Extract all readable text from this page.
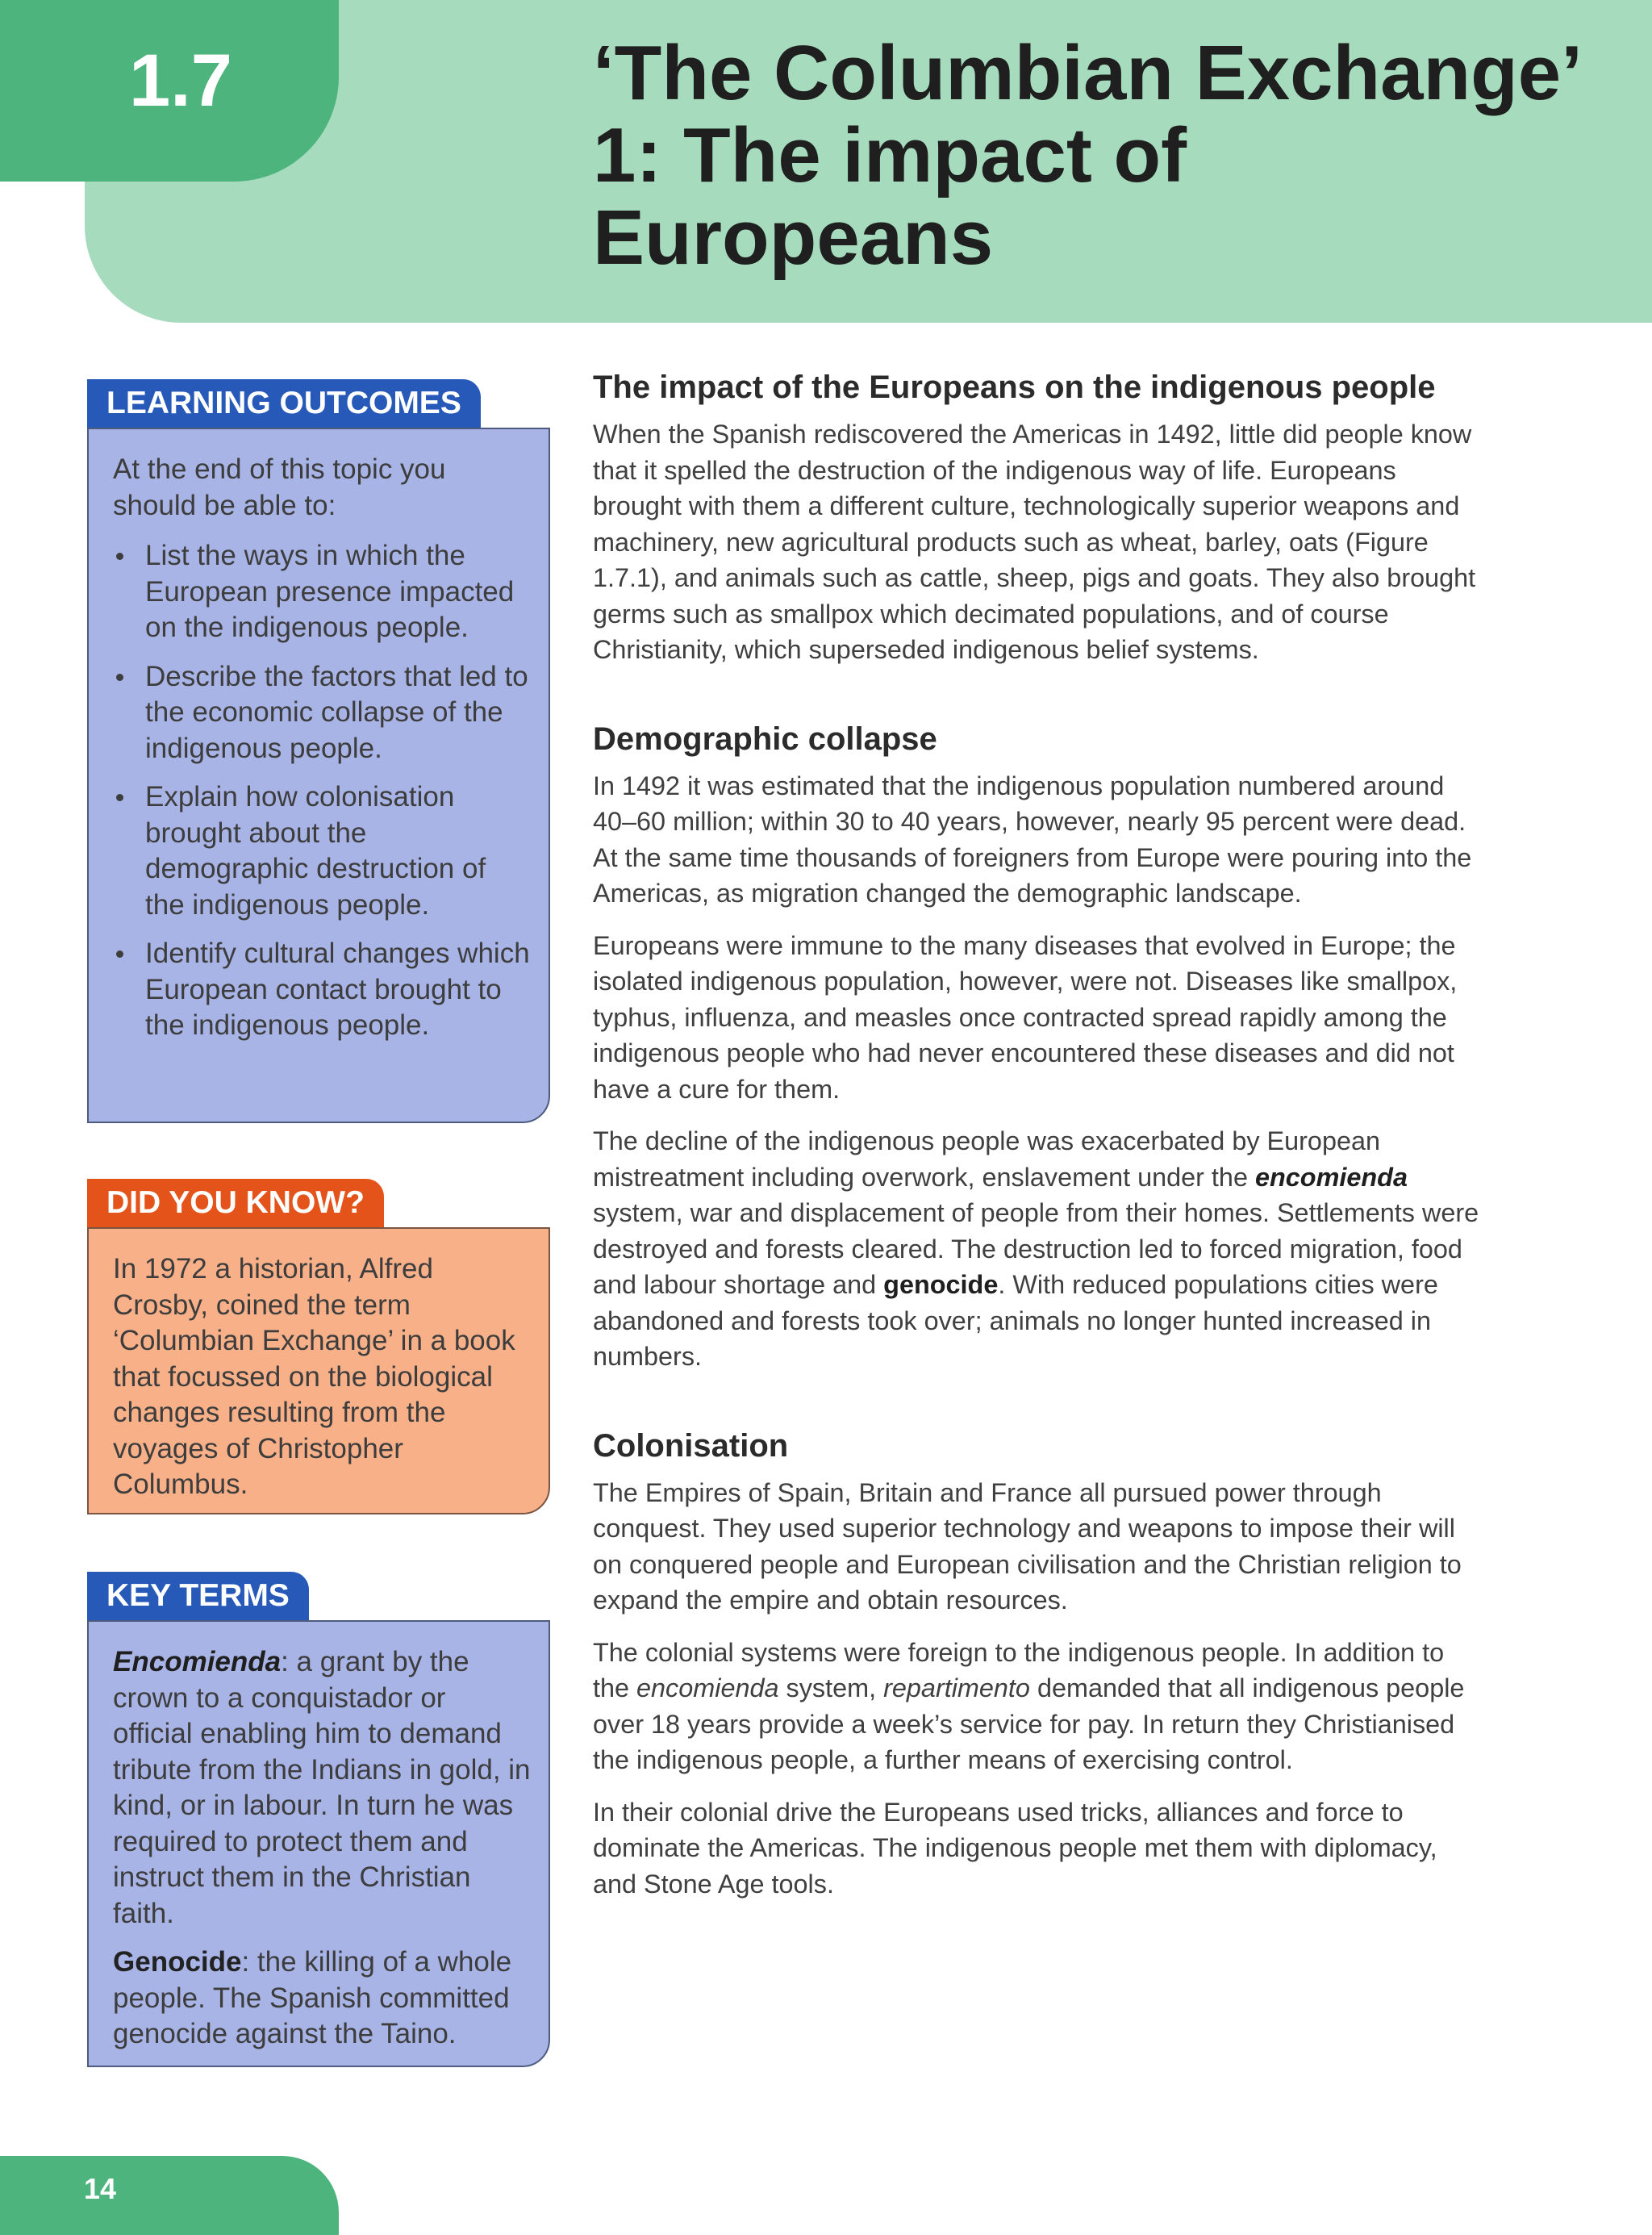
1.7	‘The Columbian Exchange’ 1: The impact of Europeans
LEARNING OUTCOMES

At the end of this topic you should be able to:

List the ways in which the European presence impacted on the indigenous people.
Describe the factors that led to the economic collapse of the indigenous people.
Explain how colonisation brought about the demographic destruction of the indigenous people.
Identify cultural changes which European contact brought to the indigenous people.
DID YOU KNOW?

In 1972 a historian, Alfred Crosby, coined the term ‘Columbian Exchange’ in a book that focussed on the biological changes resulting from the voyages of Christopher Columbus.

KEY TERMS

Encomienda: a grant by the crown to a conquistador or official enabling him to demand tribute from the Indians in gold, in kind, or in labour. In turn he was required to protect them and instruct them in the Christian faith.

Genocide: the killing of a whole people. The Spanish committed genocide against the Taino.

The impact of the Europeans on the indigenous people

When the Spanish rediscovered the Americas in 1492, little did people know that it spelled the destruction of the indigenous way of life. Europeans brought with them a different culture, technologically superior weapons and machinery, new agricultural products such as wheat, barley, oats (Figure 1.7.1), and animals such as cattle, sheep, pigs and goats. They also brought germs such as smallpox which decimated populations, and of course Christianity, which superseded indigenous belief systems.

Demographic collapse

In 1492 it was estimated that the indigenous population numbered around 40–60 million; within 30 to 40 years, however, nearly 95 percent were dead. At the same time thousands of foreigners from Europe were pouring into the Americas, as migration changed the demographic landscape.

Europeans were immune to the many diseases that evolved in Europe; the isolated indigenous population, however, were not. Diseases like smallpox, typhus, influenza, and measles once contracted spread rapidly among the indigenous people who had never encountered these diseases and did not have a cure for them.

The decline of the indigenous people was exacerbated by European mistreatment including overwork, enslavement under the encomienda system, war and displacement of people from their homes. Settlements were destroyed and forests cleared. The destruction led to forced migration, food and labour shortage and genocide. With reduced populations cities were abandoned and forests took over; animals no longer hunted increased in numbers.

Colonisation

The Empires of Spain, Britain and France all pursued power through conquest. They used superior technology and weapons to impose their will on conquered people and European civilisation and the Christian religion to expand the empire and obtain resources.

The colonial systems were foreign to the indigenous people. In addition to the encomienda system, repartimento demanded that all indigenous people over 18 years provide a week’s service for pay. In return they Christianised the indigenous people, a further means of exercising control.

In their colonial drive the Europeans used tricks, alliances and force to dominate the Americas. The indigenous people met them with diplomacy, and Stone Age tools.

14
